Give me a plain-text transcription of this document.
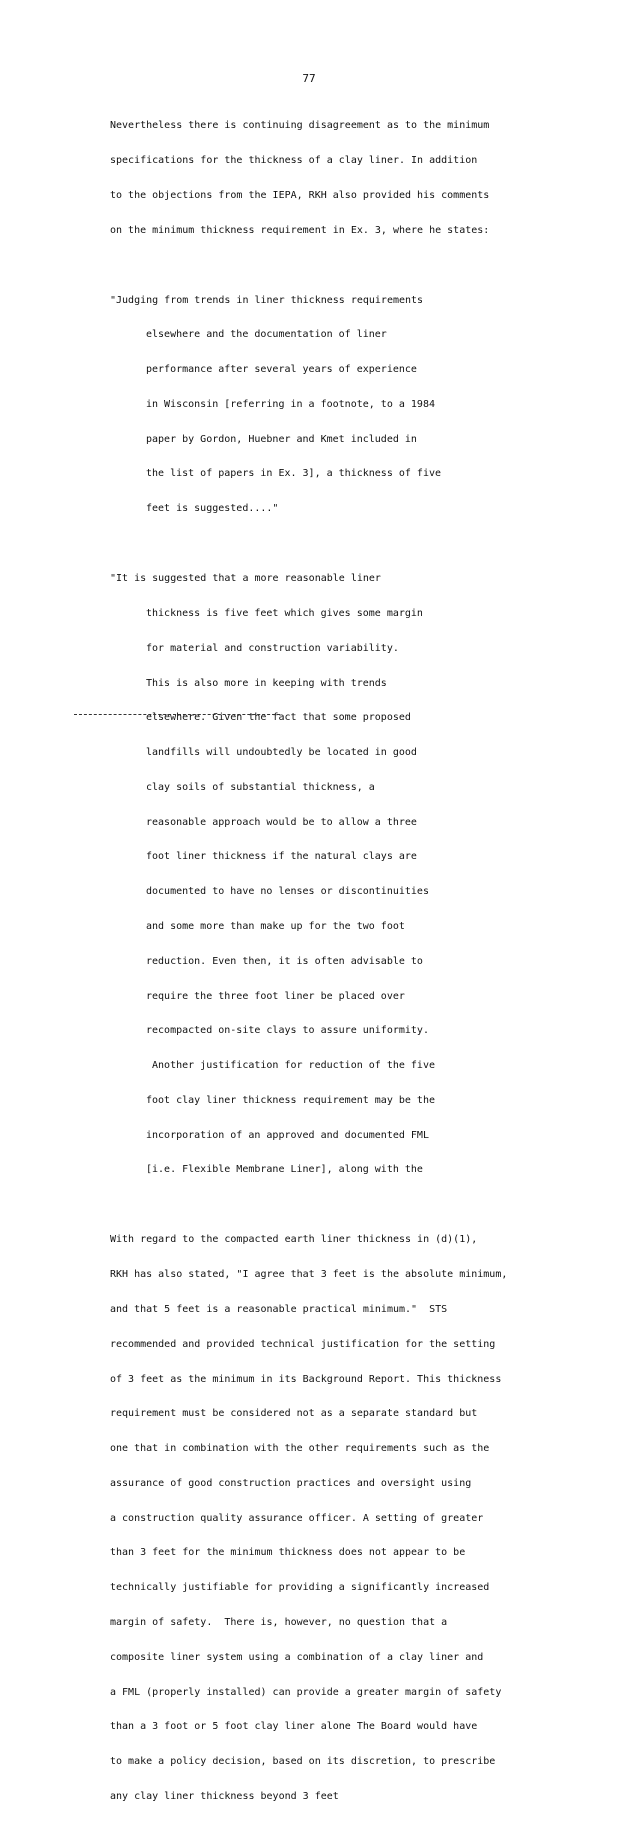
77

Nevertheless there is continuing disagreement as to the minimum

specifications for the thickness of a clay liner. In addition

to the objections from the IEPA, RKH also provided his comments

on the minimum thickness requirement in Ex. 3, where he states:

"Judging from trends in liner thickness requirements

elsewhere and the documentation of liner

performance after several years of experience

in Wisconsin [referring in a footnote, to a 1984

paper by Gordon, Huebner and Kmet included in

the list of papers in Ex. 3], a thickness of five

feet is suggested...."

"It is suggested that a more reasonable liner

thickness is five feet which gives some margin

for material and construction variability.

This is also more in keeping with trends

elsewhere. Given the fact that some proposed

landfills will undoubtedly be located in good

clay soils of substantial thickness, a

reasonable approach would be to allow a three

foot liner thickness if the natural clays are

documented to have no lenses or discontinuities

and some more than make up for the two foot

reduction. Even then, it is often advisable to

require the three foot liner be placed over

recompacted on-site clays to assure uniformity.

Another justification for reduction of the five

foot clay liner thickness requirement may be the

incorporation of an approved and documented FML

[i.e. Flexible Membrane Liner], along with the

With regard to the compacted earth liner thickness in (d)(1),

RKH has also stated, "I agree that 3 feet is the absolute minimum,

and that 5 feet is a reasonable practical minimum."  STS

recommended and provided technical justification for the setting

of 3 feet as the minimum in its Background Report. This thickness

requirement must be considered not as a separate standard but

one that in combination with the other requirements such as the

assurance of good construction practices and oversight using

a construction quality assurance officer. A setting of greater

than 3 feet for the minimum thickness does not appear to be

technically justifiable for providing a significantly increased

margin of safety.  There is, however, no question that a

composite liner system using a combination of a clay liner and

a FML (properly installed) can provide a greater margin of safety

than a 3 foot or 5 foot clay liner alone The Board would have

to make a policy decision, based on its discretion, to prescribe

any clay liner thickness beyond 3 feet
